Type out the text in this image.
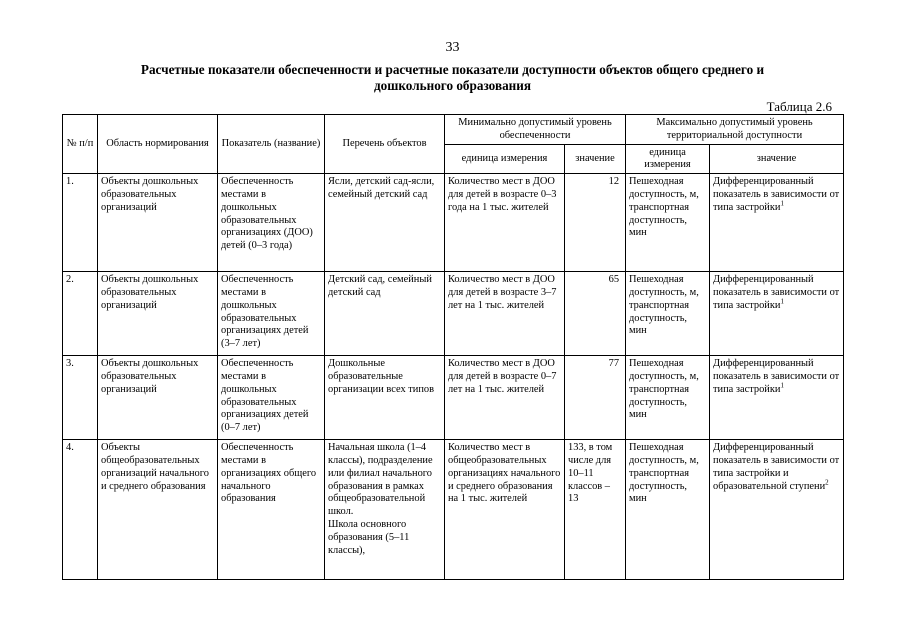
33
Расчетные показатели обеспеченности и расчетные показатели доступности объектов общего среднего и
дошкольного образования
Таблица 2.6
№ п/п	Область нормирования	Показатель (название)	Перечень объектов	Минимально допустимый уровень обеспеченности		Максимально допустимый уровень территориальной доступности	
				единица измерения	значение	единица измерения	значение
1.	Объекты дошкольных образовательных организаций	Обеспеченность местами в дошкольных образовательных организациях (ДОО) детей (0–3 года)	Ясли, детский сад-ясли, семейный детский сад	Количество мест в ДОО для детей в возрасте 0–3 года на 1 тыс. жителей	12	Пешеходная доступность, м, транспортная доступность, мин	Дифференцированный показатель в зависимости от типа застройки$^1$
2.	Объекты дошкольных образовательных организаций	Обеспеченность местами в дошкольных образовательных организациях детей (3–7 лет)	Детский сад, семейный детский сад	Количество мест в ДОО для детей в возрасте 3–7 лет на 1 тыс. жителей	65	Пешеходная доступность, м, транспортная доступность, мин	Дифференцированный показатель в зависимости от типа застройки$^1$
3.	Объекты дошкольных образовательных организаций	Обеспеченность местами в дошкольных образовательных организациях детей (0–7 лет)	Дошкольные образовательные организации всех типов	Количество мест в ДОО для детей в возрасте 0–7 лет на 1 тыс. жителей	77	Пешеходная доступность, м, транспортная доступность, мин	Дифференцированный показатель в зависимости от типа застройки$^1$
4.	Объекты общеобразовательных организаций начального и среднего образования	Обеспеченность местами в организациях общего начального образования	Начальная школа (1–4 классы), подразделение или филиал начального образования в рамках общеобразовательной школ.
Школа основного образования (5–11 классы),	Количество мест в общеобразовательных организациях начального и среднего образования на 1 тыс. жителей	133, в том числе для 10–11 классов – 13	Пешеходная доступность, м, транспортная доступность, мин	Дифференцированный показатель в зависимости от типа застройки и образовательной ступени$^2$
